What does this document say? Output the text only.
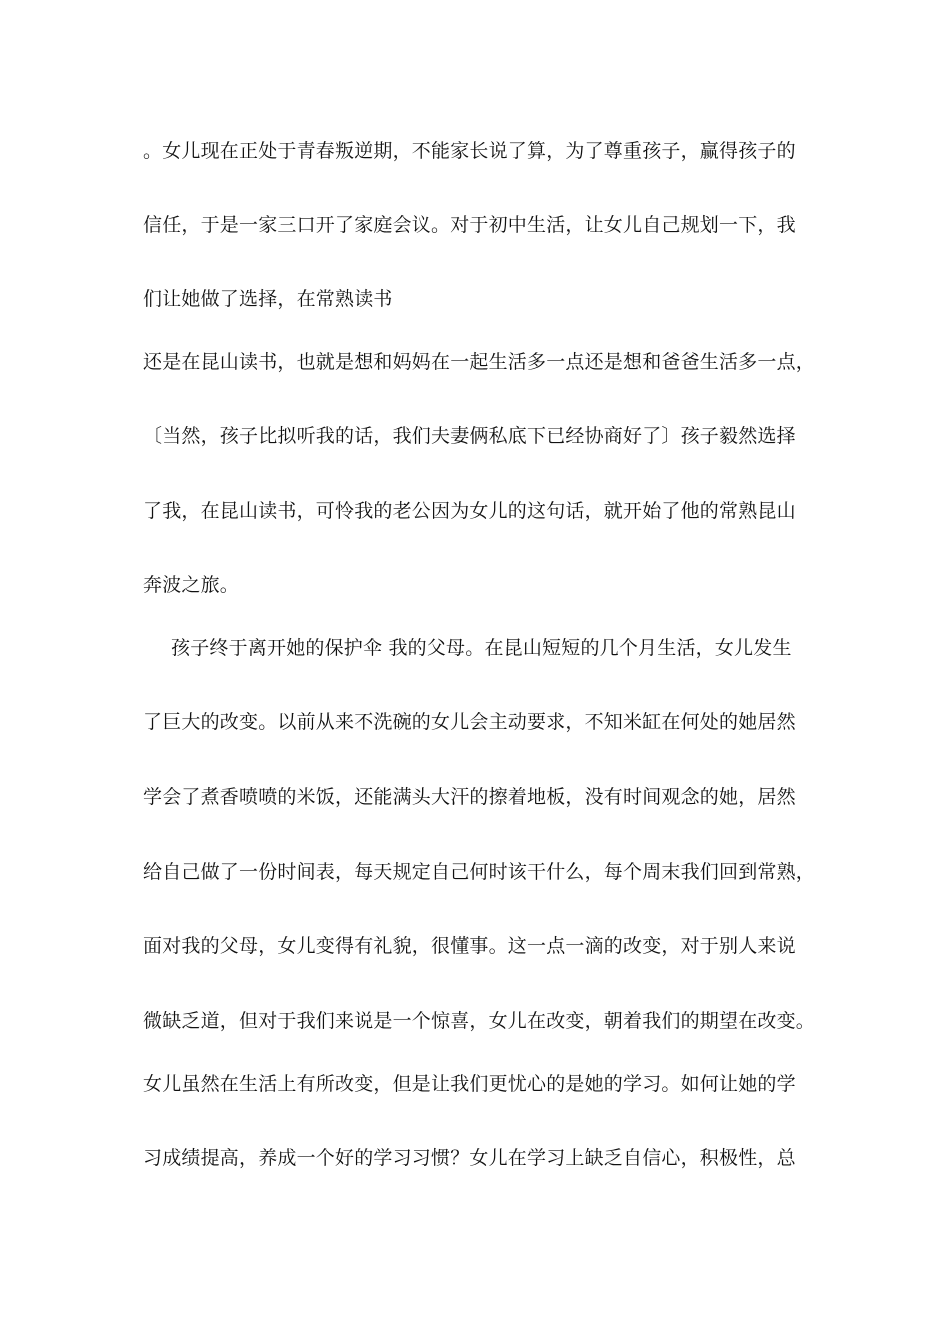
。女儿现在正处于青春叛逆期，不能家长说了算，为了尊重孩子，赢得孩子的

信任，于是一家三口开了家庭会议。对于初中生活，让女儿自己规划一下，我

们让她做了选择，在常熟读书

还是在昆山读书，也就是想和妈妈在一起生活多一点还是想和爸爸生活多一点，

〔当然，孩子比拟听我的话，我们夫妻俩私底下已经协商好了〕孩子毅然选择

了我，在昆山读书，可怜我的老公因为女儿的这句话，就开始了他的常熟昆山

奔波之旅。

孩子终于离开她的保护伞 我的父母。在昆山短短的几个月生活，女儿发生

了巨大的改变。以前从来不洗碗的女儿会主动要求，不知米缸在何处的她居然

学会了煮香喷喷的米饭，还能满头大汗的擦着地板，没有时间观念的她，居然

给自己做了一份时间表，每天规定自己何时该干什么，每个周末我们回到常熟，

面对我的父母，女儿变得有礼貌，很懂事。这一点一滴的改变，对于别人来说

微缺乏道，但对于我们来说是一个惊喜，女儿在改变，朝着我们的期望在改变。

女儿虽然在生活上有所改变，但是让我们更忧心的是她的学习。如何让她的学

习成绩提高，养成一个好的学习习惯？女儿在学习上缺乏自信心，积极性，总
